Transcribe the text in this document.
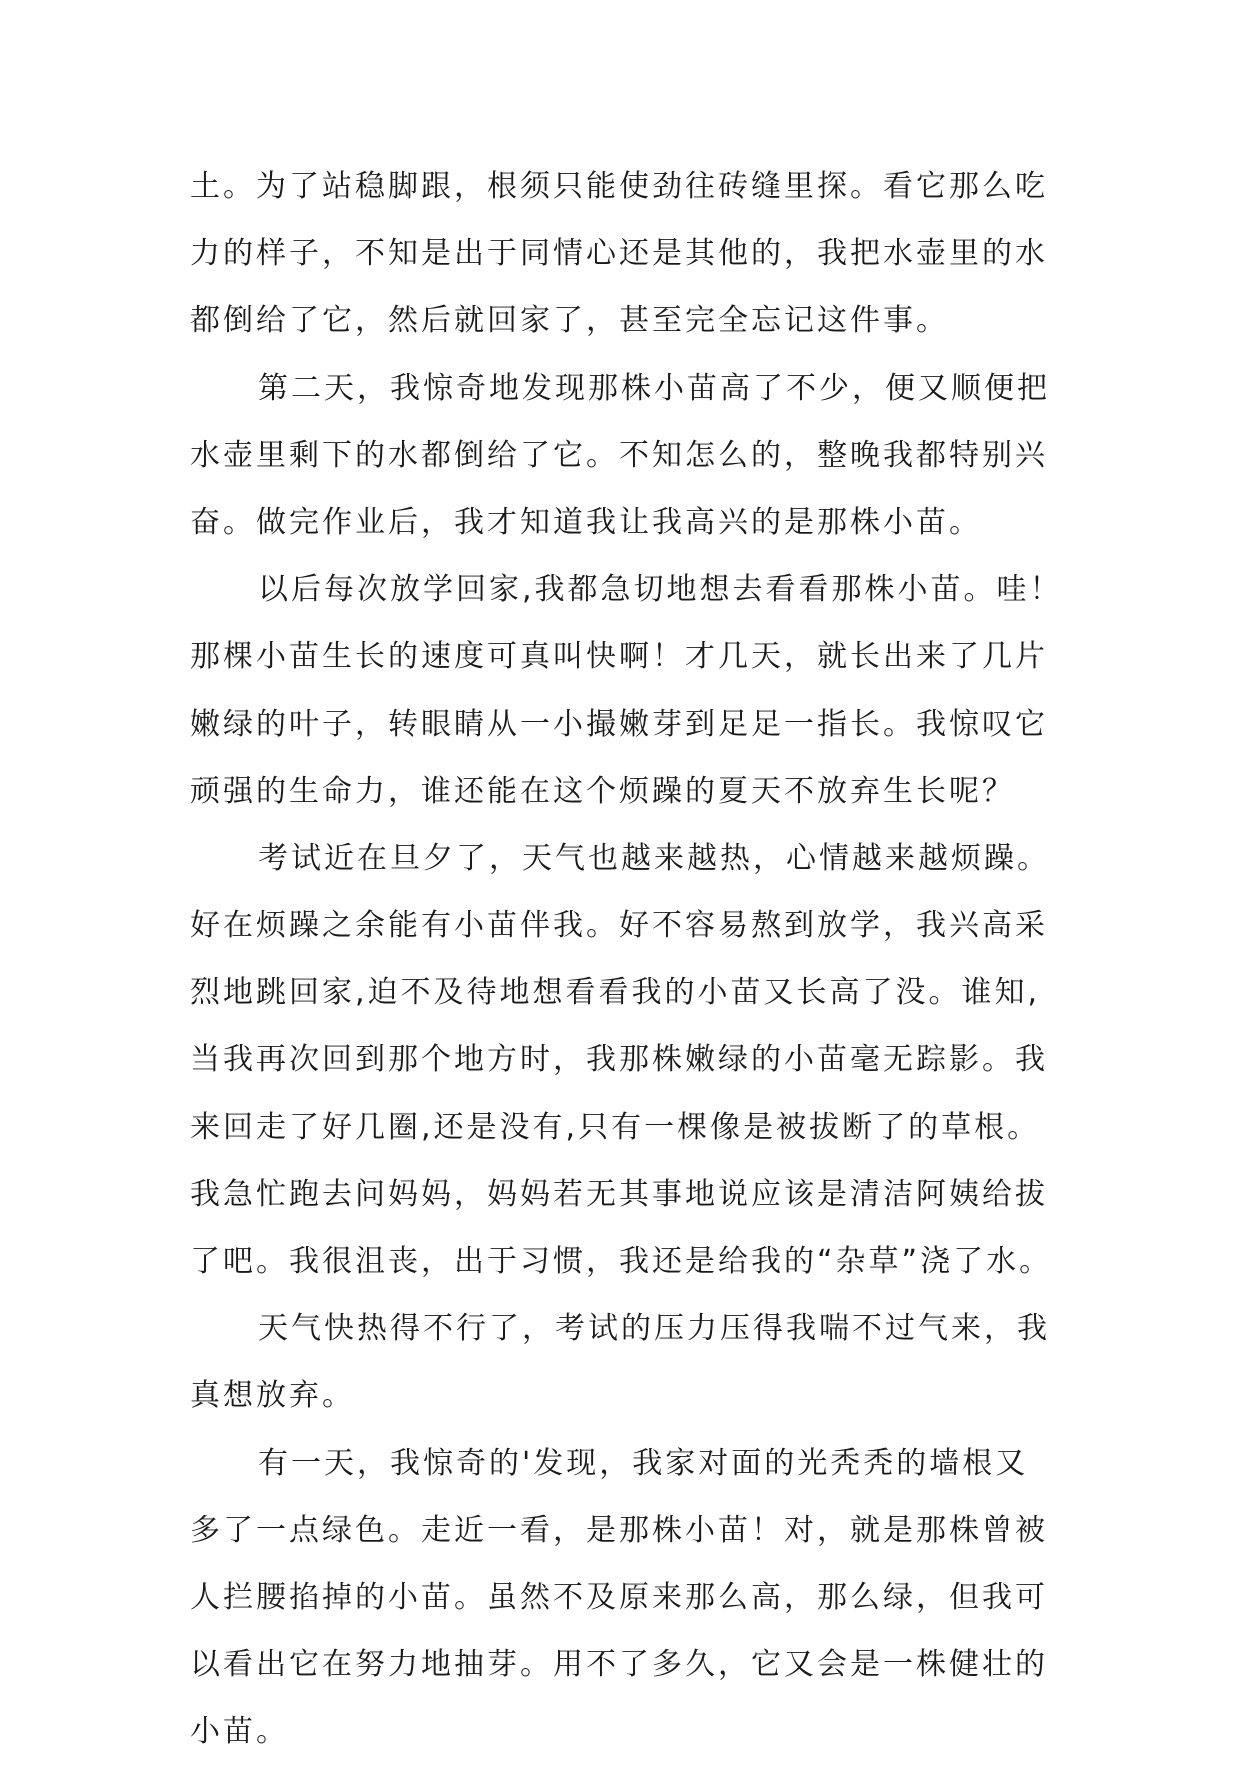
土。为了站稳脚跟，根须只能使劲往砖缝里探。看它那么吃
力的样子，不知是出于同情心还是其他的，我把水壶里的水
都倒给了它，然后就回家了，甚至完全忘记这件事。
第二天，我惊奇地发现那株小苗高了不少，便又顺便把
水壶里剩下的水都倒给了它。不知怎么的，整晚我都特别兴
奋。做完作业后，我才知道我让我高兴的是那株小苗。
以后每次放学回家,我都急切地想去看看那株小苗。哇！
那棵小苗生长的速度可真叫快啊！才几天，就长出来了几片
嫩绿的叶子，转眼睛从一小撮嫩芽到足足一指长。我惊叹它
顽强的生命力，谁还能在这个烦躁的夏天不放弃生长呢？
考试近在旦夕了，天气也越来越热，心情越来越烦躁。
好在烦躁之余能有小苗伴我。好不容易熬到放学，我兴高采
烈地跳回家,迫不及待地想看看我的小苗又长高了没。谁知,
当我再次回到那个地方时，我那株嫩绿的小苗毫无踪影。我
来回走了好几圈,还是没有,只有一棵像是被拔断了的草根。
我急忙跑去问妈妈，妈妈若无其事地说应该是清洁阿姨给拔
了吧。我很沮丧，出于习惯，我还是给我的“杂草”浇了水。
天气快热得不行了，考试的压力压得我喘不过气来，我
真想放弃。
有一天，我惊奇的'发现，我家对面的光秃秃的墙根又
多了一点绿色。走近一看，是那株小苗！对，就是那株曾被
人拦腰掐掉的小苗。虽然不及原来那么高，那么绿，但我可
以看出它在努力地抽芽。用不了多久，它又会是一株健壮的
小苗。
